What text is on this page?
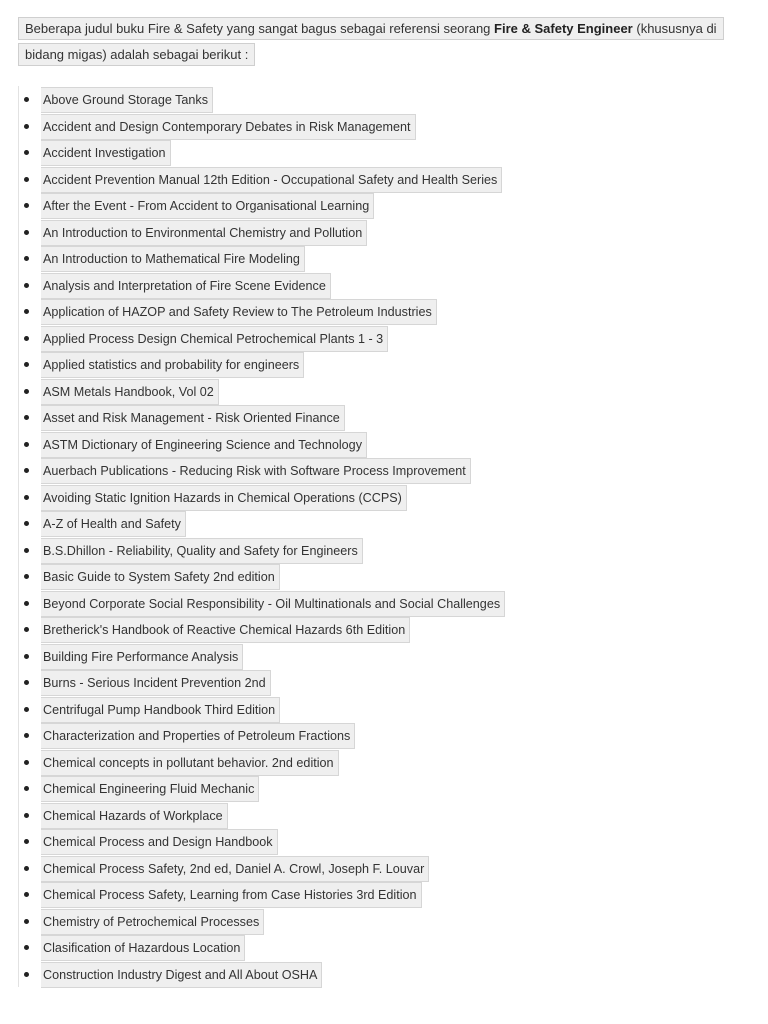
Beberapa judul buku Fire & Safety yang sangat bagus sebagai referensi seorang Fire & Safety Engineer (khususnya di bidang migas) adalah sebagai berikut :
Above Ground Storage Tanks
Accident and Design Contemporary Debates in Risk Management
Accident Investigation
Accident Prevention Manual 12th Edition - Occupational Safety and Health Series
After the Event - From Accident to Organisational Learning
An Introduction to Environmental Chemistry and Pollution
An Introduction to Mathematical Fire Modeling
Analysis and Interpretation of Fire Scene Evidence
Application of HAZOP and Safety Review to The Petroleum Industries
Applied Process Design Chemical Petrochemical Plants 1 - 3
Applied statistics and probability for engineers
ASM Metals Handbook, Vol 02
Asset and Risk Management - Risk Oriented Finance
ASTM Dictionary of Engineering Science and Technology
Auerbach Publications - Reducing Risk with Software Process Improvement
Avoiding Static Ignition Hazards in Chemical Operations (CCPS)
A-Z of Health and Safety
B.S.Dhillon - Reliability, Quality and Safety for Engineers
Basic Guide to System Safety 2nd edition
Beyond Corporate Social Responsibility - Oil Multinationals and Social Challenges
Bretherick's Handbook of Reactive Chemical Hazards 6th Edition
Building Fire Performance Analysis
Burns - Serious Incident Prevention 2nd
Centrifugal Pump Handbook Third Edition
Characterization and Properties of Petroleum Fractions
Chemical concepts in pollutant behavior. 2nd edition
Chemical Engineering Fluid Mechanic
Chemical Hazards of Workplace
Chemical Process and Design Handbook
Chemical Process Safety, 2nd ed, Daniel A. Crowl, Joseph F. Louvar
Chemical Process Safety, Learning from Case Histories 3rd Edition
Chemistry of Petrochemical Processes
Clasification of Hazardous Location
Construction Industry Digest and All About OSHA
